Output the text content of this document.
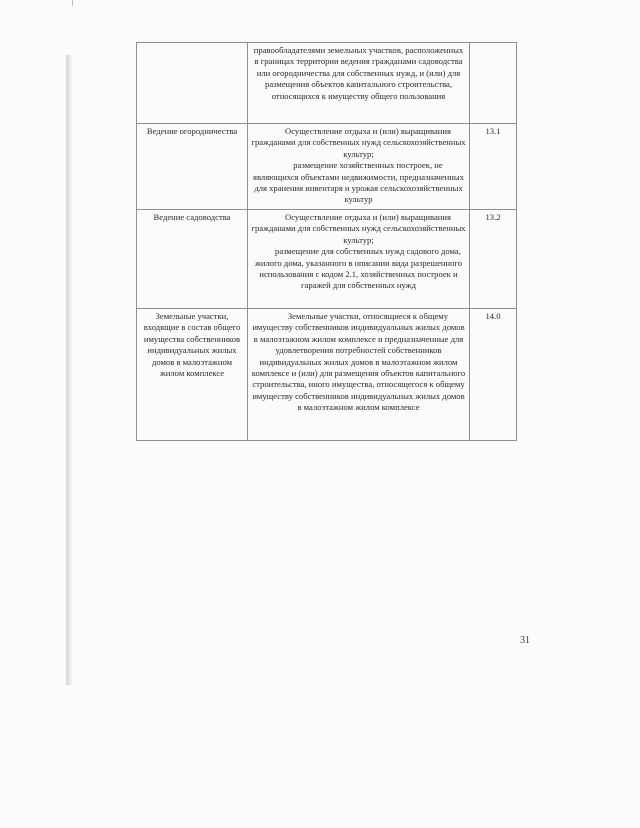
	правообладателями земельных участков, расположенных в границах территории ведения гражданами садоводства или огородничества для собственных нужд, и (или) для размещения объектов капитального строительства, относящихся к имуществу общего пользования	

Ведение огородничества	Осуществление отдыха и (или) выращивания гражданами для собственных нужд сельскохозяйственных культур;
размещение хозяйственных построек, не являющихся объектами недвижимости, предназначенных для хранения инвентаря и урожая сельскохозяйственных культур	13.1
Ведение садоводства	Осуществление отдыха и (или) выращивания гражданами для собственных нужд сельскохозяйственных культур;
размещение для собственных нужд садового дома, жилого дома, указанного в описании вида разрешенного использования с кодом 2.1, хозяйственных построек и гаражей для собственных нужд	13.2
Земельные участки, входящие в состав общего имущества собственников индивидуальных жилых домов в малоэтажном жилом комплексе	Земельные участки, относящиеся к общему имуществу собственников индивидуальных жилых домов в малоэтажном жилом комплексе и предназначенные для удовлетворения потребностей собственников индивидуальных жилых домов в малоэтажном жилом комплексе и (или) для размещения объектов капитального строительства, иного имущества, относящегося к общему имуществу собственников индивидуальных жилых домов в малоэтажном жилом комплексе	14.0
31
